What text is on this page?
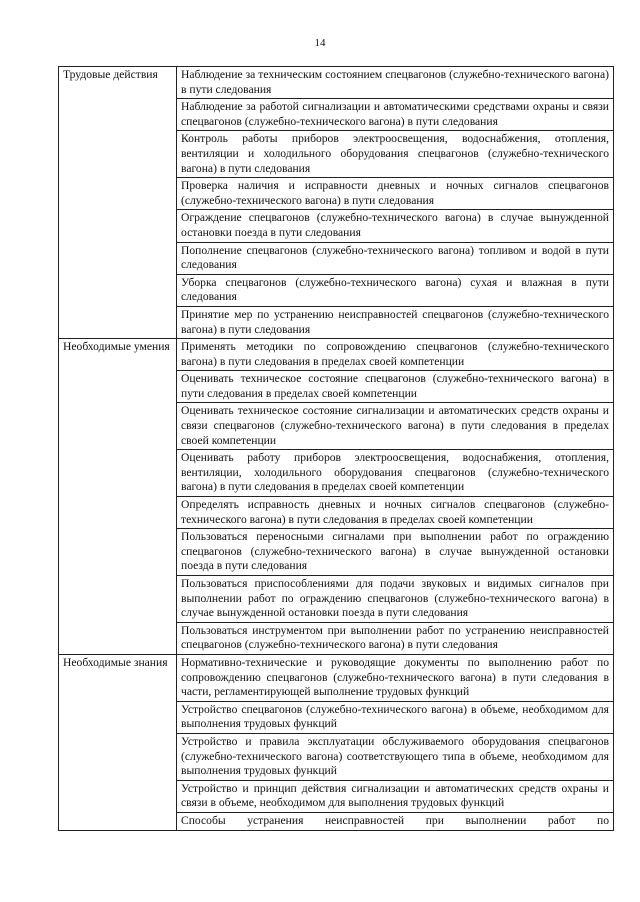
14
Трудовые действия	Наблюдение за техническим состоянием спецвагонов (служебно-технического вагона) в пути следования
	Наблюдение за работой сигнализации и автоматическими средствами охраны и связи спецвагонов (служебно-технического вагона) в пути следования
	Контроль работы приборов электроосвещения, водоснабжения, отопления, вентиляции и холодильного оборудования спецвагонов (служебно-технического вагона) в пути следования
	Проверка наличия и исправности дневных и ночных сигналов спецвагонов (служебно-технического вагона) в пути следования
	Ограждение спецвагонов (служебно-технического вагона) в случае вынужденной остановки поезда в пути следования
	Пополнение спецвагонов (служебно-технического вагона) топливом и водой в пути следования
	Уборка спецвагонов (служебно-технического вагона) сухая и влажная в пути следования
	Принятие мер по устранению неисправностей спецвагонов (служебно-технического вагона) в пути следования
Необходимые умения	Применять методики по сопровождению спецвагонов (служебно-технического вагона) в пути следования в пределах своей компетенции
	Оценивать техническое состояние спецвагонов (служебно-технического вагона) в пути следования в пределах своей компетенции
	Оценивать техническое состояние сигнализации и автоматических средств охраны и связи спецвагонов (служебно-технического вагона) в пути следования в пределах своей компетенции
	Оценивать работу приборов электроосвещения, водоснабжения, отопления, вентиляции, холодильного оборудования спецвагонов (служебно-технического вагона) в пути следования в пределах своей компетенции
	Определять исправность дневных и ночных сигналов спецвагонов (служебно-технического вагона) в пути следования в пределах своей компетенции
	Пользоваться переносными сигналами при выполнении работ по ограждению спецвагонов (служебно-технического вагона) в случае вынужденной остановки поезда в пути следования
	Пользоваться приспособлениями для подачи звуковых и видимых сигналов при выполнении работ по ограждению спецвагонов (служебно-технического вагона) в случае вынужденной остановки поезда в пути следования
	Пользоваться инструментом при выполнении работ по устранению неисправностей спецвагонов (служебно-технического вагона) в пути следования
Необходимые знания	Нормативно-технические и руководящие документы по выполнению работ по сопровождению спецвагонов (служебно-технического вагона) в пути следования в части, регламентирующей выполнение трудовых функций
	Устройство спецвагонов (служебно-технического вагона) в объеме, необходимом для выполнения трудовых функций
	Устройство и правила эксплуатации обслуживаемого оборудования спецвагонов (служебно-технического вагона) соответствующего типа в объеме, необходимом для выполнения трудовых функций
	Устройство и принцип действия сигнализации и автоматических средств охраны и связи в объеме, необходимом для выполнения трудовых функций
	Способы устранения неисправностей при выполнении работ по
